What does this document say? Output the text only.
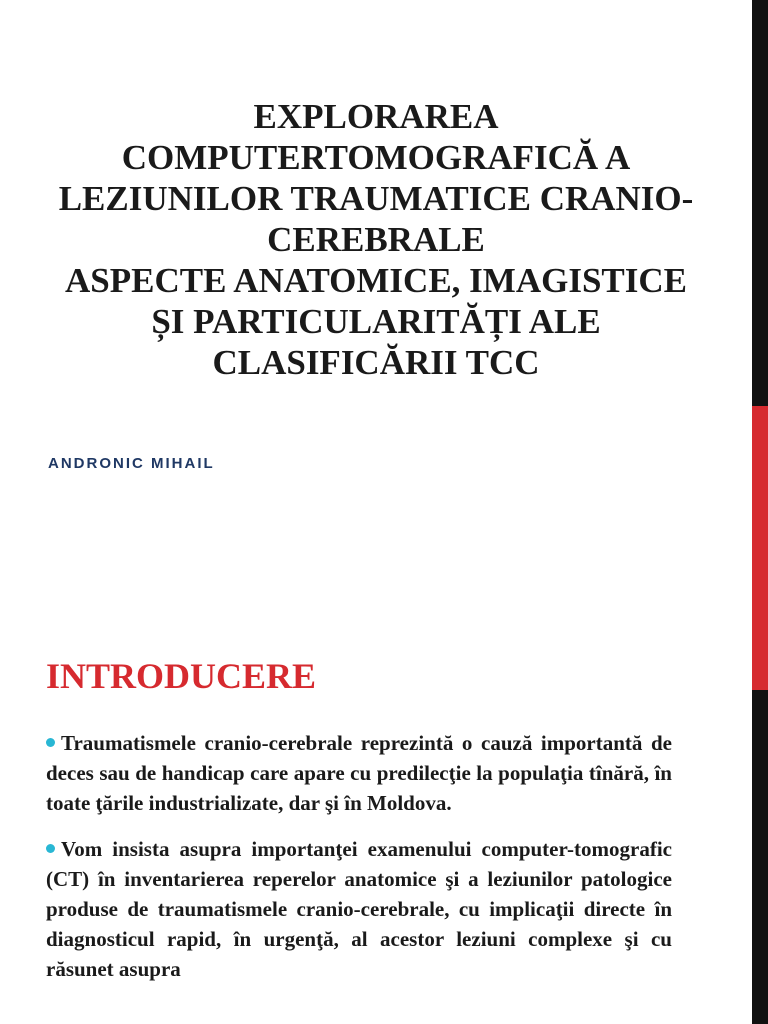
EXPLORAREA
COMPUTERTOMOGRAFICĂ A
LEZIUNILOR TRAUMATICE CRANIO-
CEREBRALE
ASPECTE ANATOMICE, IMAGISTICE
ȘI PARTICULARITĂȚI ALE
CLASIFICĂRII TCC
ANDRONIC MIHAIL
INTRODUCERE

Traumatismele cranio-cerebrale reprezintă o cauză importantă de deces sau de handicap care apare cu predilecţie la populaţia tînără, în toate ţările industrializate, dar şi în Moldova.

Vom insista asupra importanţei examenului computer-tomografic (CT) în inventarierea reperelor anatomice şi a leziunilor patologice produse de traumatismele cranio-cerebrale, cu implicaţii directe în diagnosticul rapid, în urgenţă, al acestor leziuni complexe şi cu răsunet asupra
